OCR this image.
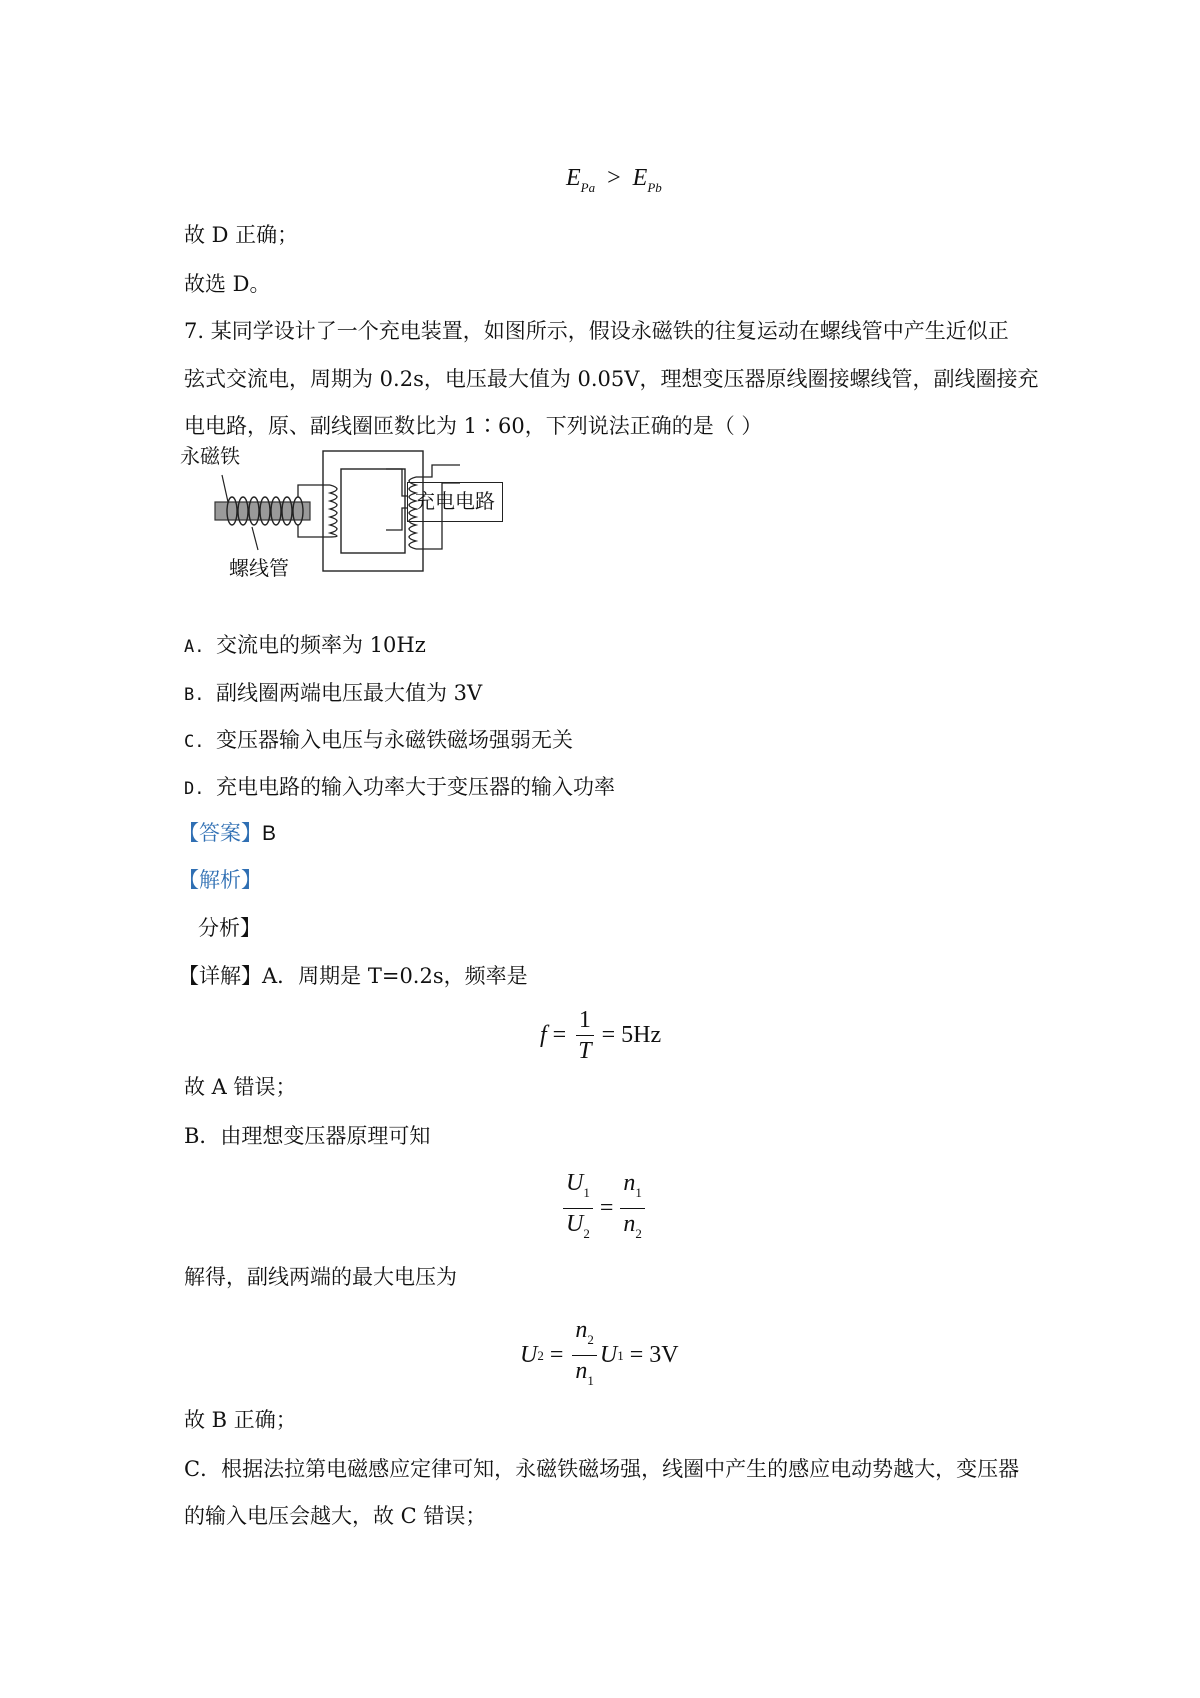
$E_{Pa} > E_{Pb}$
故 D 正确；
故选 D。
7. 某同学设计了一个充电装置，如图所示，假设永磁铁的往复运动在螺线管中产生近似正
弦式交流电，周期为 0.2s，电压最大值为 0.05V，理想变压器原线圈接螺线管，副线圈接充
电电路，原、副线圈匝数比为 1∶60，下列说法正确的是（ ）
永磁铁
螺线管
充电电路
A. 交流电的频率为 10Hz
B. 副线圈两端电压最大值为 3V
C. 变压器输入电压与永磁铁磁场强弱无关
D. 充电电路的输入功率大于变压器的输入功率
【答案】B
【解析】
分析】
【详解】A．周期是 T=0.2s，频率是
$f = \frac{1}{T} = 5Hz$
故 A 错误；
B．由理想变压器原理可知
$\frac{U_1}{U_2} = \frac{n_1}{n_2}$
解得，副线两端的最大电压为
U $2 = \frac{n_2}{n_1}$ U 1 = 3V
故 B 正确；
C．根据法拉第电磁感应定律可知，永磁铁磁场强，线圈中产生的感应电动势越大，变压器
的输入电压会越大，故 C 错误；
